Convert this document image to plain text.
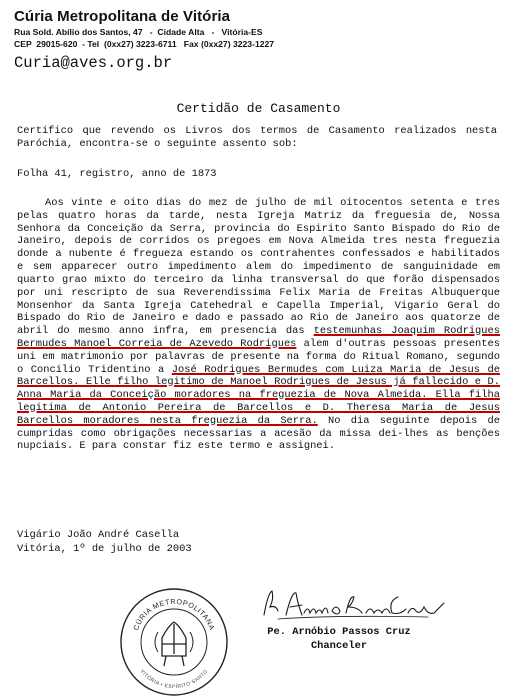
Cúria Metropolitana de Vitória
Rua Sold. Abílio dos Santos, 47   -  Cidade Alta   -   Vitória-ES
CEP  29015-620  - Tel  (0xx27) 3223-6711   Fax (0xx27) 3223-1227
Curia@aves.org.br
Certidão de Casamento
Certifico que revendo os Livros dos termos de Casamento realizados nesta Paróchia, encontra-se o seguinte assento sob:
Folha 41, registro, anno de 1873
Aos vinte e oito dias do mez de julho de mil oitocentos setenta e tres pelas quatro horas da tarde, nesta Igreja Matriz da freguesia de, Nossa Senhora da Conceição da Serra, provincia do Espirito Santo Bispado do Rio de Janeiro, depois de corridos os pregoes em Nova Almeida tres nesta freguezia donde a nubente é fregueza estando os contrahentes confessados e habilitados e sem apparecer outro impedimento alem do impedimento de sanguinidade em quarto grao mixto do terceiro da linha transversal do que forão dispensados por uni rescripto de sua Reverendissima Felix Maria de Freitas Albuquerque Monsenhor da Santa Igreja Catehedral e Capella Imperial, Vigario Geral do Bispado do Rio de Janeiro e dado e passado ao Rio de Janeiro aos quatorze de abril do mesmo anno infra, em presencia das testemunhas Joaquim Rodrigues Bermudes Manoel Correia de Azevedo Rodrigues alem d'outras pessoas presentes uni em matrimonio por palavras de presente na forma do Ritual Romano, segundo o Concilio Tridentino a José Rodrigues Bermudes com Luiza Maria de Jesus de Barcellos. Elle filho legitimo de Manoel Rodrigues de Jesus já fallecido e D. Anna Maria da Conceição moradores na freguezia de Nova Almeida. Ella filha legitima de Antonio Pereira de Barcellos e D. Theresa Maria de Jesus Barcellos moradores nesta freguezia da Serra. No dia seguinte depois de cumpridas como obrigações necessarias a acesão da missa dei-lhes as benções nupciais. E para constar fiz este termo e assignei.
Vigário João André Casella
Vitória, 1º de julho de 2003
CÚRIA METROPOLITANA
VITÓRIA • ESPÍRITO SANTO
Pe. Arnóbio Passos Cruz
Chanceler
